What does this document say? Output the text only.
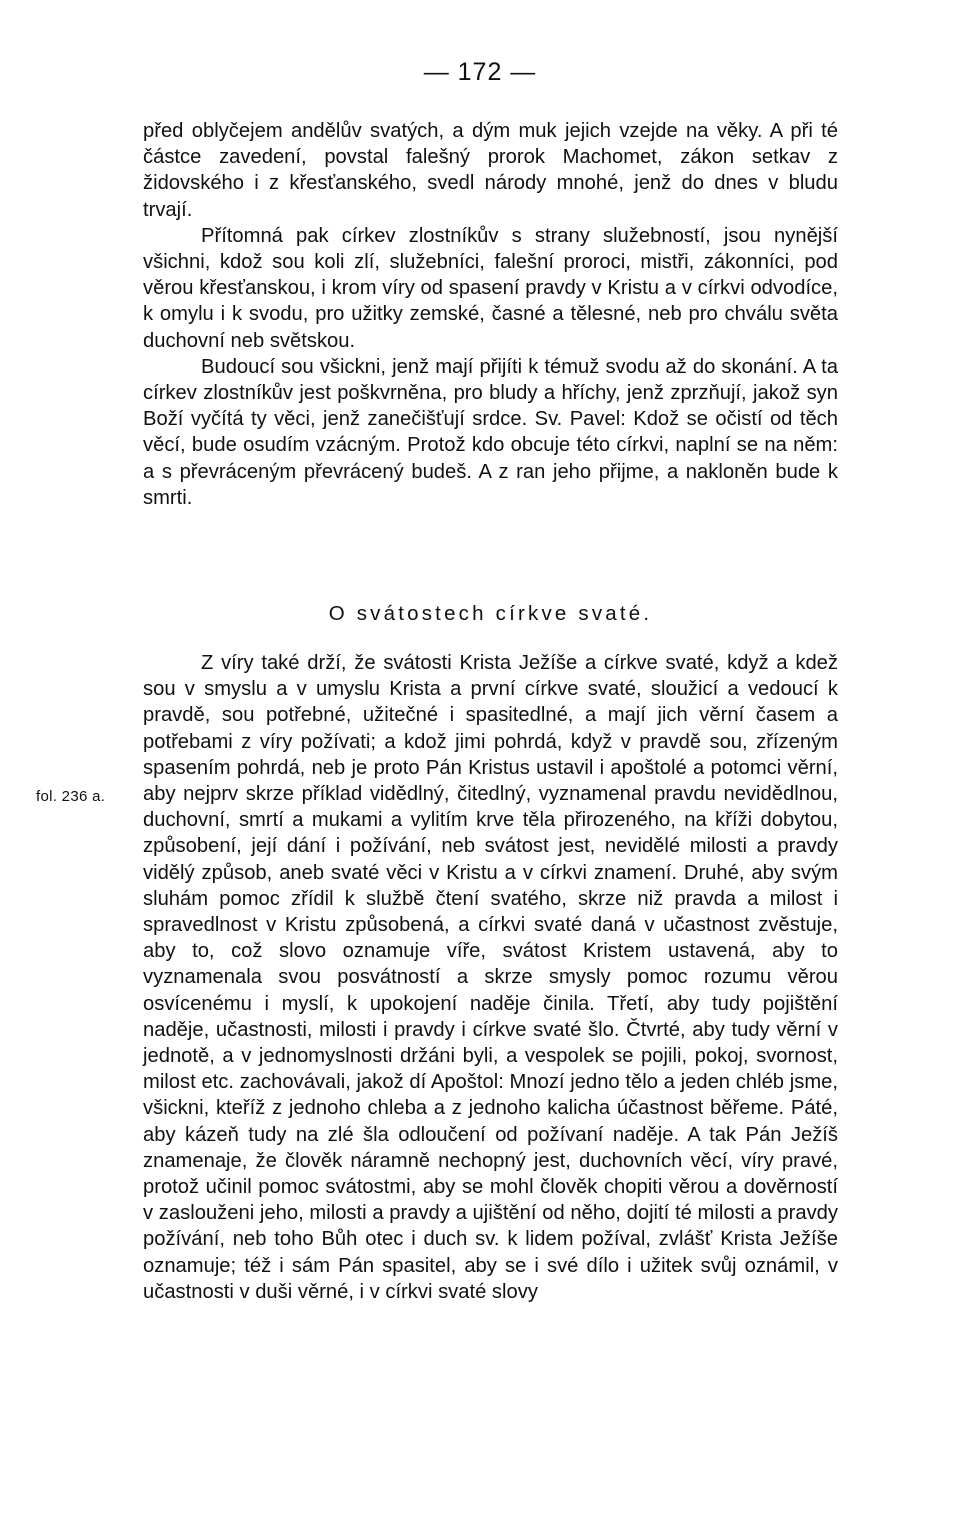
— 172 —

před oblyčejem andělův svatých, a dým muk jejich vzejde na věky. A při té částce zavedení, povstal falešný prorok Machomet, zákon setkav z židovského i z křesťanského, svedl národy mnohé, jenž do dnes v bludu trvají.

Přítomná pak církev zlostníkův s strany služebností, jsou nynější všichni, kdož sou koli zlí, služebníci, falešní proroci, mistři, zákonníci, pod věrou křesťanskou, i krom víry od spasení pravdy v Kristu a v církvi odvodíce, k omylu i k svodu, pro užitky zemské, časné a tělesné, neb pro chválu světa duchovní neb světskou.

Budoucí sou všickni, jenž mají přijíti k témuž svodu až do skonání. A ta církev zlostníkův jest poškvrněna, pro bludy a hříchy, jenž zprzňují, jakož syn Boží vyčítá ty věci, jenž zanečišťují srdce. Sv. Pavel: Kdož se očistí od těch věcí, bude osudím vzácným. Protož kdo obcuje této církvi, naplní se na něm: a s převráceným převrácený budeš. A z ran jeho přijme, a nakloněn bude k smrti.

O svátostech církve svaté.

Z víry také drží, že svátosti Krista Ježíše a církve svaté, když a kdež sou v smyslu a v umyslu Krista a první církve svaté, sloužicí a vedoucí k pravdě, sou potřebné, užitečné i spasitedlné, a mají jich věrní časem a potřebami z víry požívati; a kdož jimi pohrdá, když v pravdě sou, zřízeným spasením pohrdá, neb je proto Pán Kristus ustavil i apoštolé a potomci věrní, aby nejprv skrze příklad vidědlný, čitedlný, vyznamenal pravdu nevidědlnou, duchovní, smrtí a mukami a vylitím krve těla přirozeného, na kříži dobytou, způsobení, její dání i požívání, neb svátost jest, nevidělé milosti a pravdy vidělý způsob, aneb svaté věci v Kristu a v církvi znamení. Druhé, aby svým sluhám pomoc zřídil k službě čtení svatého, skrze niž pravda a milost i spravedlnost v Kristu způsobená, a církvi svaté daná v učastnost zvěstuje, aby to, což slovo oznamuje víře, svátost Kristem ustavená, aby to vyznamenala svou posvátností a skrze smysly pomoc rozumu věrou osvícenému i myslí, k upokojení naděje činila. Třetí, aby tudy pojištění naděje, učastnosti, milosti i pravdy i církve svaté šlo. Čtvrté, aby tudy věrní v jednotě, a v jednomyslnosti držáni byli, a vespolek se pojili, pokoj, svornost, milost etc. zachovávali, jakož dí Apoštol: Mnozí jedno tělo a jeden chléb jsme, všickni, kteříž z jednoho chleba a z jednoho kalicha účastnost běřeme. Páté, aby kázeň tudy na zlé šla odloučení od požívaní naděje. A tak Pán Ježíš znamenaje, že člověk náramně nechopný jest, duchovních věcí, víry pravé, protož učinil pomoc svátostmi, aby se mohl člověk chopiti věrou a dověrností v zaslouženi jeho, milosti a pravdy a ujištění od něho, dojití té milosti a pravdy požívání, neb toho Bůh otec i duch sv. k lidem požíval, zvlášť Krista Ježíše oznamuje; též i sám Pán spasitel, aby se i své dílo i užitek svůj oznámil, v učastnosti v duši věrné, i v církvi svaté slovy

fol. 236 a.
